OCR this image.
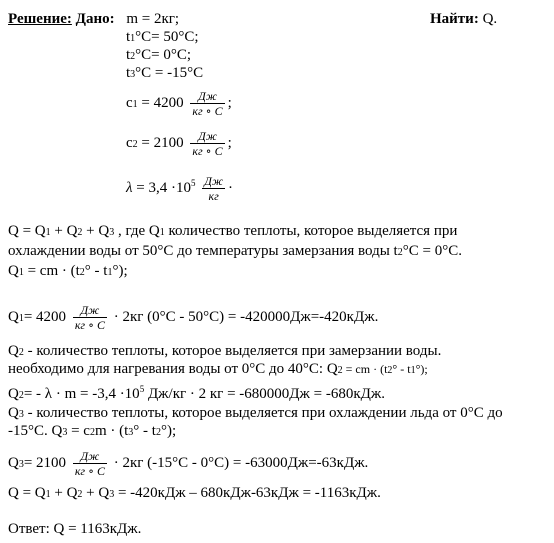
Решение: Дано: m = 2кг;	Найти: Q.
t1°С= 50°С;
t2°С= 0°С;
t3°С = -15°С
$c1 = 4200 \frac{Дж}{кг \circ С}$ ;
$c2 = 2100 \frac{Дж}{кг \circ С}$ ;
$\lambda = 3,4 \cdot 10^5 \frac{Дж}{кг}$ ·
Q = Q1 + Q2 + Q3 , где Q1 количество теплоты, которое выделяется при
охлаждении воды от 50°С до температуры замерзания воды t2°С = 0°С.
Q1 = cm · (t2° - t1°);
$Q1= 4200 \frac{Дж}{кг \circ С} \cdot 2кг$ (0°С - 50°С) = -420000Дж=-420кДж.
Q2 - количество теплоты, которое выделяется при замерзании воды.
необходимо для нагревания воды от 0°С до 40°С: Q2 = cm · (t2° - t1°);
$Q2= - \lambda \cdot m = -3,4 \cdot 10^5$ Дж/кг · 2 кг = -680000Дж = -680кДж.
Q3 - количество теплоты, которое выделяется при охлаждении льда от 0°С до
-15°С. Q3 = c2m · (t3° - t2°);
$Q3= 2100 \frac{Дж}{кг \circ С} \cdot 2кг$ (-15°С - 0°С) = -63000Дж=-63кДж.
Q = Q1 + Q2 + Q3 = -420кДж – 680кДж-63кДж = -1163кДж.
Ответ: Q = 1163кДж.
